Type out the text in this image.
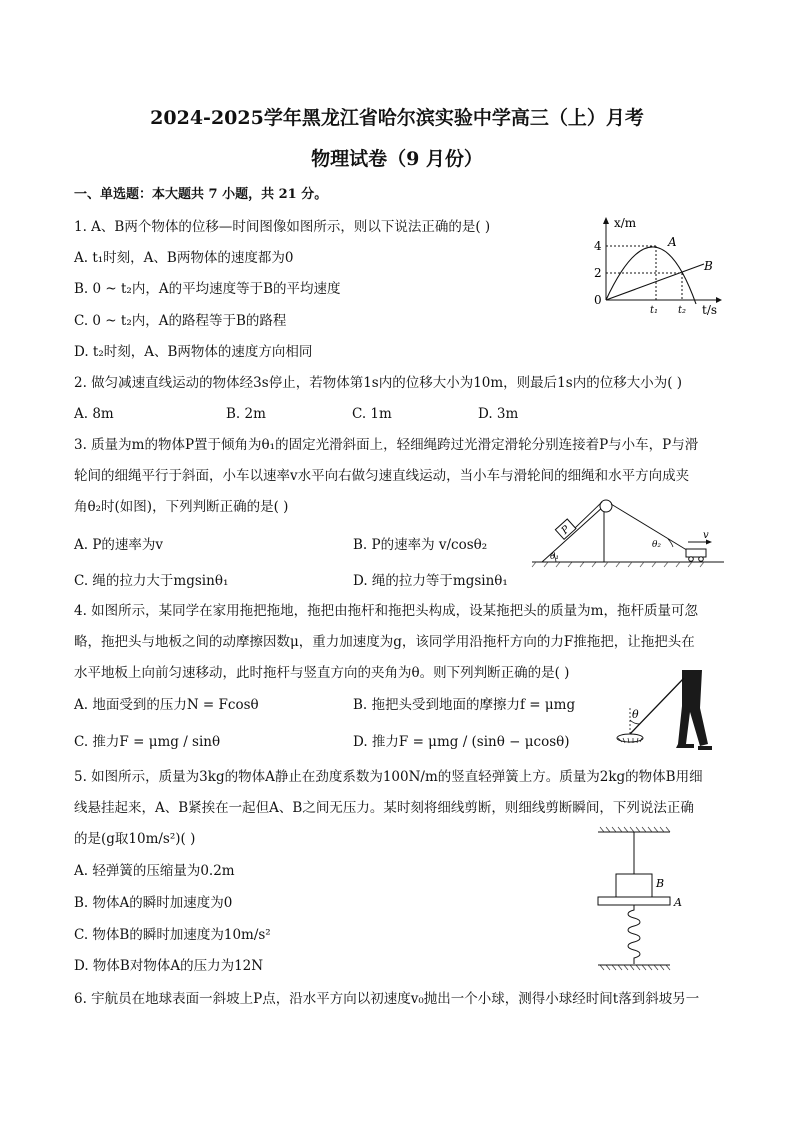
2024-2025学年黑龙江省哈尔滨实验中学高三（上）月考
物理试卷（9 月份）
一、单选题：本大题共 7 小题，共 21 分。
1. A、B两个物体的位移—时间图像如图所示，则以下说法正确的是( )
A. t₁时刻，A、B两物体的速度都为0
B. 0 ~ t₂内，A的平均速度等于B的平均速度
C. 0 ~ t₂内，A的路程等于B的路程
D. t₂时刻，A、B两物体的速度方向相同
x/m
t/s
4
2
0
A
B
t₁ t₂
2. 做匀减速直线运动的物体经3s停止，若物体第1s内的位移大小为10m，则最后1s内的位移大小为( )
A. 8m	B. 2m	C. 1m	D. 3m
3. 质量为m的物体P置于倾角为θ₁的固定光滑斜面上，轻细绳跨过光滑定滑轮分别连接着P与小车，P与滑
轮间的细绳平行于斜面，小车以速率v水平向右做匀速直线运动，当小车与滑轮间的细绳和水平方向成夹
角θ₂时(如图)，下列判断正确的是( )
A. P的速率为v	B. P的速率为 v/cosθ₂
C. 绳的拉力大于mgsinθ₁	D. 绳的拉力等于mgsinθ₁
P	v
θ₁
θ₂
4. 如图所示，某同学在家用拖把拖地，拖把由拖杆和拖把头构成，设某拖把头的质量为m，拖杆质量可忽
略，拖把头与地板之间的动摩擦因数μ，重力加速度为g，该同学用沿拖杆方向的力F推拖把，让拖把头在
水平地板上向前匀速移动，此时拖杆与竖直方向的夹角为θ。则下列判断正确的是( )
A. 地面受到的压力N = Fcosθ	B. 拖把头受到地面的摩擦力f = μmg
C. 推力F = μmg / sinθ	D. 推力F = μmg / (sinθ − μcosθ)
θ
5. 如图所示，质量为3kg的物体A静止在劲度系数为100N/m的竖直轻弹簧上方。质量为2kg的物体B用细
线悬挂起来，A、B紧挨在一起但A、B之间无压力。某时刻将细线剪断，则细线剪断瞬间，下列说法正确
的是(g取10m/s²)( )
A. 轻弹簧的压缩量为0.2m
B. 物体A的瞬时加速度为0
C. 物体B的瞬时加速度为10m/s²
D. 物体B对物体A的压力为12N
B
A
6. 宇航员在地球表面一斜坡上P点，沿水平方向以初速度v₀抛出一个小球，测得小球经时间t落到斜坡另一
